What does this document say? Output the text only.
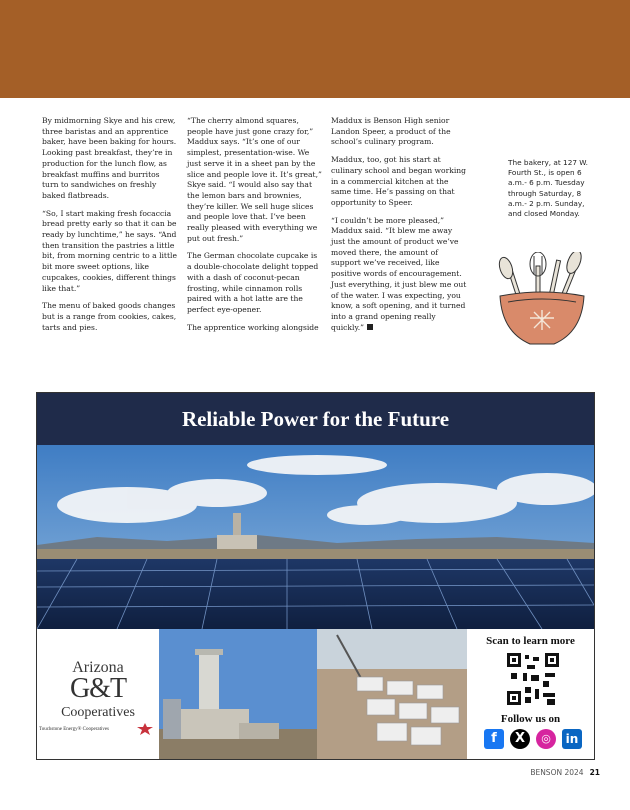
By midmorning Skye and his crew, three baristas and an apprentice baker, have been baking for hours. Looking past breakfast, they’re in production for the lunch flow, as breakfast muffins and burritos turn to sandwiches on freshly baked flatbreads.

“So, I start making fresh focaccia bread pretty early so that it can be ready by lunchtime,” he says. “And then transition the pastries a little bit, from morning centric to a little bit more sweet options, like cupcakes, cookies, different things like that.”

The menu of baked goods changes but is a range from cookies, cakes, tarts and pies.

“The cherry almond squares, people have just gone crazy for,” Maddux says. “It’s one of our simplest, presentation-wise. We just serve it in a sheet pan by the slice and people love it. It’s great,” Skye said. “I would also say that the lemon bars and brownies, they’re killer. We sell huge slices and people love that. I’ve been really pleased with everything we put out fresh.”

The German chocolate cupcake is a double-chocolate delight topped with a dash of coconut-pecan frosting, while cinnamon rolls paired with a hot latte are the perfect eye-opener.

The apprentice working alongside

Maddux is Benson High senior Landon Speer, a product of the school’s culinary program.

Maddux, too, got his start at culinary school and began working in a commercial kitchen at the same time. He’s passing on that opportunity to Speer.

“I couldn’t be more pleased,” Maddux said. “It blew me away just the amount of product we’ve moved there, the amount of support we’ve received, like positive words of encouragement. Just everything, it just blew me out of the water. I was expecting, you know, a soft opening, and it turned into a grand opening really quickly.”

The bakery, at 127 W. Fourth St., is open 6 a.m.- 6 p.m. Tuesday through Saturday, 8 a.m.- 2 p.m. Sunday, and closed Monday.
Reliable Power for the Future
Arizona
G&T
Cooperatives
Touchstone Energy® Cooperatives
Scan to learn more
Follow us on
f	X	◎	in
BENSON 2024 21
